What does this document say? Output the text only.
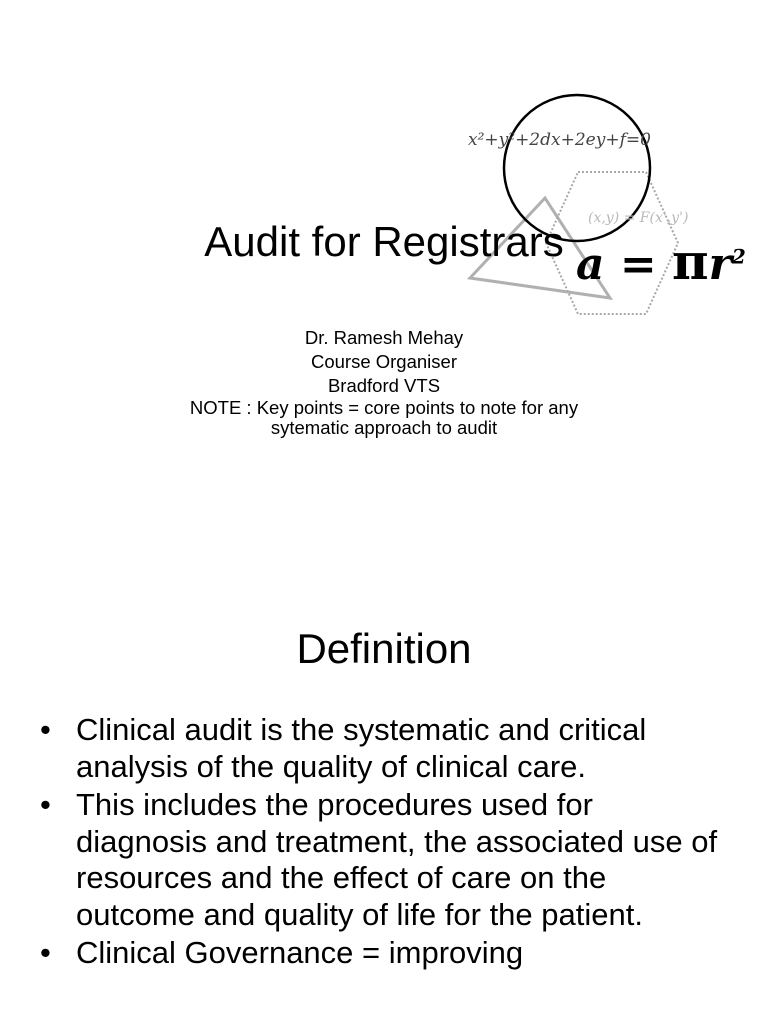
x²+y²+2dx+2ey+f=0
(x,y) = F(x',y')
$a = \pi r^2$
Audit for Registrars
Dr. Ramesh Mehay
Course Organiser
Bradford VTS
NOTE : Key points = core points to note for any
sytematic approach to audit
Definition
• Clinical audit is the systematic and critical analysis of the quality of clinical care.
• This includes the procedures used for diagnosis and treatment, the associated use of resources and the effect of care on the outcome and quality of life for the patient.
• Clinical Governance = improving
